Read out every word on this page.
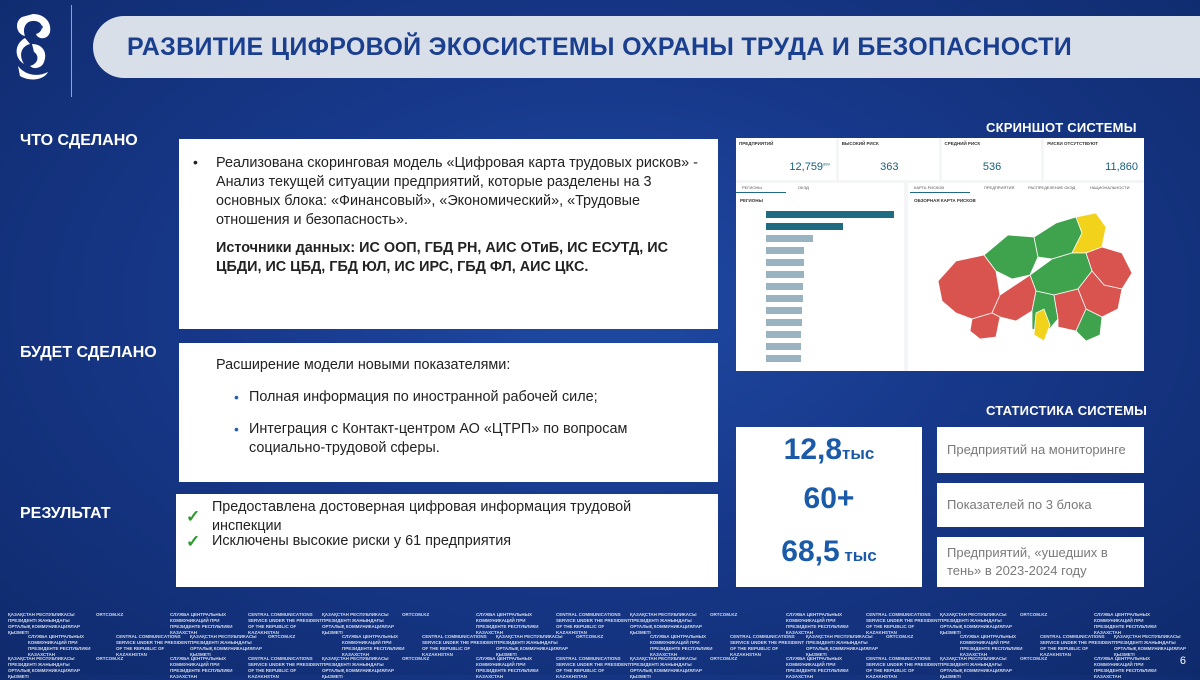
РАЗВИТИЕ ЦИФРОВОЙ ЭКОСИСТЕМЫ ОХРАНЫ ТРУДА И БЕЗОПАСНОСТИ
ЧТО СДЕЛАНО
БУДЕТ СДЕЛАНО
РЕЗУЛЬТАТ
• Реализована скоринговая модель «Цифровая карта трудовых рисков» - Анализ текущей ситуации предприятий, которые разделены на 3 основных блока: «Финансовый», «Экономический», «Трудовые отношения и безопасность».

Источники данных: ИС ООП, ГБД РН, АИС ОТиБ, ИС ЕСУТД, ИС ЦБДИ, ИС ЦБД, ГБД ЮЛ, ИС ИРС, ГБД ФЛ, АИС ЦКС.

Расширение модели новыми показателями:

• Полная информация по иностранной рабочей силе;
• Интеграция с Контакт-центром АО «ЦТРП» по вопросам социально-трудовой сферы.
✓
Предоставлена достоверная цифровая информация трудовой инспекции
✓ Исключены высокие риски у 61 предприятия
СКРИНШОТ СИСТЕМЫ
ПРЕДПРИЯТИЙ
12,759$^{899}$
ВЫСОКИЙ РИСК
363
СРЕДНИЙ РИСК
536
РИСКИ ОТСУТСТВУЮТ
11,860
РЕГИОНЫ	ОКЭД
РЕГИОНЫ
КАРТА РИСКОВ	ПРЕДПРИЯТИЯ	РАСПРЕДЕЛЕНИЕ ОКЭД	НАЦИОНАЛЬНОСТИ
ОБЗОРНАЯ КАРТА РИСКОВ
СТАТИСТИКА СИСТЕМЫ
12,8тыс
60+
68,5 тыс
Предприятий на мониторинге
Показателей по 3 блока
Предприятий, «ушедших в тень» в 2023-2024 году
ҚАЗАҚСТАН РЕСПУБЛИКАСЫ ПРЕЗИДЕНТІ ЖАНЫНДАҒЫ ОРТАЛЫҚ КОММУНИКАЦИЯЛАР ҚЫЗМЕТІ
ORTCOM.KZ	СЛУЖБА ЦЕНТРАЛЬНЫХ КОММУНИКАЦИЙ ПРИ ПРЕЗИДЕНТЕ РЕСПУБЛИКИ КАЗАХСТАН
CENTRAL COMMUNICATIONS SERVICE UNDER THE PRESIDENT OF THE REPUBLIC OF KAZAKHSTAN
ҚАЗАҚСТАН РЕСПУБЛИКАСЫ ПРЕЗИДЕНТІ ЖАНЫНДАҒЫ ОРТАЛЫҚ КОММУНИКАЦИЯЛАР ҚЫЗМЕТІ
ORTCOM.KZ	СЛУЖБА ЦЕНТРАЛЬНЫХ КОММУНИКАЦИЙ ПРИ ПРЕЗИДЕНТЕ РЕСПУБЛИКИ КАЗАХСТАН
CENTRAL COMMUNICATIONS SERVICE UNDER THE PRESIDENT OF THE REPUBLIC OF KAZAKHSTAN
ҚАЗАҚСТАН РЕСПУБЛИКАСЫ ПРЕЗИДЕНТІ ЖАНЫНДАҒЫ ОРТАЛЫҚ КОММУНИКАЦИЯЛАР ҚЫЗМЕТІ
ORTCOM.KZ	СЛУЖБА ЦЕНТРАЛЬНЫХ КОММУНИКАЦИЙ ПРИ ПРЕЗИДЕНТЕ РЕСПУБЛИКИ КАЗАХСТАН
CENTRAL COMMUNICATIONS SERVICE UNDER THE PRESIDENT OF THE REPUBLIC OF KAZAKHSTAN
ҚАЗАҚСТАН РЕСПУБЛИКАСЫ ПРЕЗИДЕНТІ ЖАНЫНДАҒЫ ОРТАЛЫҚ КОММУНИКАЦИЯЛАР ҚЫЗМЕТІ
ORTCOM.KZ	СЛУЖБА ЦЕНТРАЛЬНЫХ КОММУНИКАЦИЙ ПРИ ПРЕЗИДЕНТЕ РЕСПУБЛИКИ КАЗАХСТАН
СЛУЖБА ЦЕНТРАЛЬНЫХ КОММУНИКАЦИЙ ПРИ ПРЕЗИДЕНТЕ РЕСПУБЛИКИ КАЗАХСТАН
CENTRAL COMMUNICATIONS SERVICE UNDER THE PRESIDENT OF THE REPUBLIC OF KAZAKHSTAN
ҚАЗАҚСТАН РЕСПУБЛИКАСЫ ПРЕЗИДЕНТІ ЖАНЫНДАҒЫ ОРТАЛЫҚ КОММУНИКАЦИЯЛАР ҚЫЗМЕТІ
ORTCOM.KZ	СЛУЖБА ЦЕНТРАЛЬНЫХ КОММУНИКАЦИЙ ПРИ ПРЕЗИДЕНТЕ РЕСПУБЛИКИ КАЗАХСТАН
CENTRAL COMMUNICATIONS SERVICE UNDER THE PRESIDENT OF THE REPUBLIC OF KAZAKHSTAN
ҚАЗАҚСТАН РЕСПУБЛИКАСЫ ПРЕЗИДЕНТІ ЖАНЫНДАҒЫ ОРТАЛЫҚ КОММУНИКАЦИЯЛАР ҚЫЗМЕТІ
ORTCOM.KZ	СЛУЖБА ЦЕНТРАЛЬНЫХ КОММУНИКАЦИЙ ПРИ ПРЕЗИДЕНТЕ РЕСПУБЛИКИ КАЗАХСТАН
CENTRAL COMMUNICATIONS SERVICE UNDER THE PRESIDENT OF THE REPUBLIC OF KAZAKHSTAN
ҚАЗАҚСТАН РЕСПУБЛИКАСЫ ПРЕЗИДЕНТІ ЖАНЫНДАҒЫ ОРТАЛЫҚ КОММУНИКАЦИЯЛАР ҚЫЗМЕТІ
ORTCOM.KZ	СЛУЖБА ЦЕНТРАЛЬНЫХ КОММУНИКАЦИЙ ПРИ ПРЕЗИДЕНТЕ РЕСПУБЛИКИ КАЗАХСТАН
CENTRAL COMMUNICATIONS SERVICE UNDER THE PRESIDENT OF THE REPUBLIC OF KAZAKHSTAN
ҚАЗАҚСТАН РЕСПУБЛИКАСЫ ПРЕЗИДЕНТІ ЖАНЫНДАҒЫ ОРТАЛЫҚ КОММУНИКАЦИЯЛАР ҚЫЗМЕТІ
ҚАЗАҚСТАН РЕСПУБЛИКАСЫ ПРЕЗИДЕНТІ ЖАНЫНДАҒЫ ОРТАЛЫҚ КОММУНИКАЦИЯЛАР ҚЫЗМЕТІ
ORTCOM.KZ	СЛУЖБА ЦЕНТРАЛЬНЫХ КОММУНИКАЦИЙ ПРИ ПРЕЗИДЕНТЕ РЕСПУБЛИКИ КАЗАХСТАН
CENTRAL COMMUNICATIONS SERVICE UNDER THE PRESIDENT OF THE REPUBLIC OF KAZAKHSTAN
ҚАЗАҚСТАН РЕСПУБЛИКАСЫ ПРЕЗИДЕНТІ ЖАНЫНДАҒЫ ОРТАЛЫҚ КОММУНИКАЦИЯЛАР ҚЫЗМЕТІ
ORTCOM.KZ	СЛУЖБА ЦЕНТРАЛЬНЫХ КОММУНИКАЦИЙ ПРИ ПРЕЗИДЕНТЕ РЕСПУБЛИКИ КАЗАХСТАН
CENTRAL COMMUNICATIONS SERVICE UNDER THE PRESIDENT OF THE REPUBLIC OF KAZAKHSTAN
ҚАЗАҚСТАН РЕСПУБЛИКАСЫ ПРЕЗИДЕНТІ ЖАНЫНДАҒЫ ОРТАЛЫҚ КОММУНИКАЦИЯЛАР ҚЫЗМЕТІ
ORTCOM.KZ	СЛУЖБА ЦЕНТРАЛЬНЫХ КОММУНИКАЦИЙ ПРИ ПРЕЗИДЕНТЕ РЕСПУБЛИКИ КАЗАХСТАН
CENTRAL COMMUNICATIONS SERVICE UNDER THE PRESIDENT OF THE REPUBLIC OF KAZAKHSTAN
ҚАЗАҚСТАН РЕСПУБЛИКАСЫ ПРЕЗИДЕНТІ ЖАНЫНДАҒЫ ОРТАЛЫҚ КОММУНИКАЦИЯЛАР ҚЫЗМЕТІ
ORTCOM.KZ	СЛУЖБА ЦЕНТРАЛЬНЫХ КОММУНИКАЦИЙ ПРИ ПРЕЗИДЕНТЕ РЕСПУБЛИКИ КАЗАХСТАН
6
